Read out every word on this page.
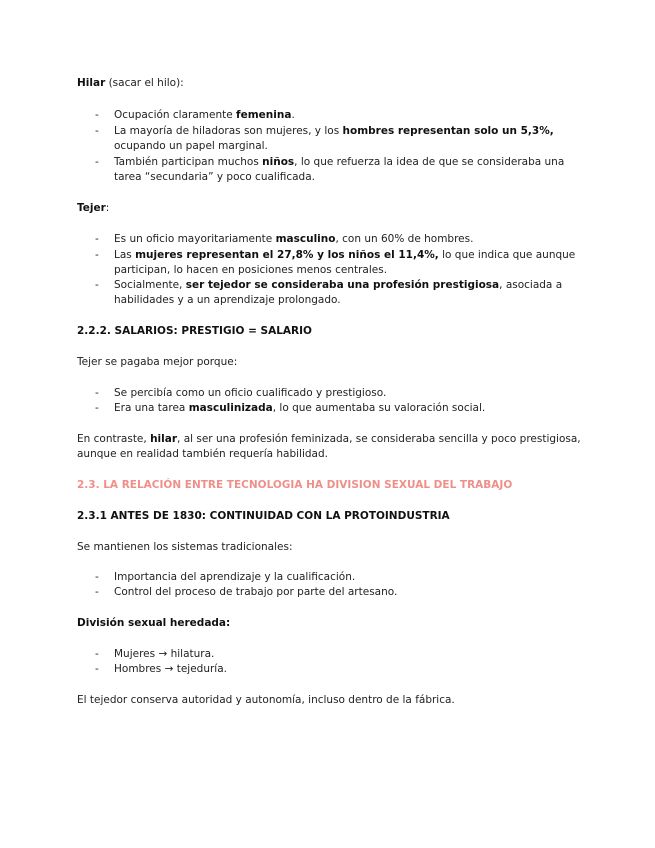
Hilar (sacar el hilo):
- Ocupación claramente femenina.
- La mayoría de hiladoras son mujeres, y los hombres representan solo un 5,3%,
ocupando un papel marginal.
- También participan muchos niños, lo que refuerza la idea de que se consideraba una
tarea “secundaria” y poco cualificada.
Tejer:
- Es un oficio mayoritariamente masculino, con un 60% de hombres.
- Las mujeres representan el 27,8% y los niños el 11,4%, lo que indica que aunque
participan, lo hacen en posiciones menos centrales.
- Socialmente, ser tejedor se consideraba una profesión prestigiosa, asociada a
habilidades y a un aprendizaje prolongado.
2.2.2. SALARIOS: PRESTIGIO = SALARIO
Tejer se pagaba mejor porque:
- Se percibía como un oficio cualificado y prestigioso.
- Era una tarea masculinizada, lo que aumentaba su valoración social.
En contraste, hilar, al ser una profesión feminizada, se consideraba sencilla y poco prestigiosa,
aunque en realidad también requería habilidad.
2.3. LA RELACIÓN ENTRE TECNOLOGIA HA DIVISION SEXUAL DEL TRABAJO
2.3.1 ANTES DE 1830: CONTINUIDAD CON LA PROTOINDUSTRIA
Se mantienen los sistemas tradicionales:
- Importancia del aprendizaje y la cualificación.
- Control del proceso de trabajo por parte del artesano.
División sexual heredada:
- Mujeres → hilatura.
- Hombres → tejeduría.
El tejedor conserva autoridad y autonomía, incluso dentro de la fábrica.
